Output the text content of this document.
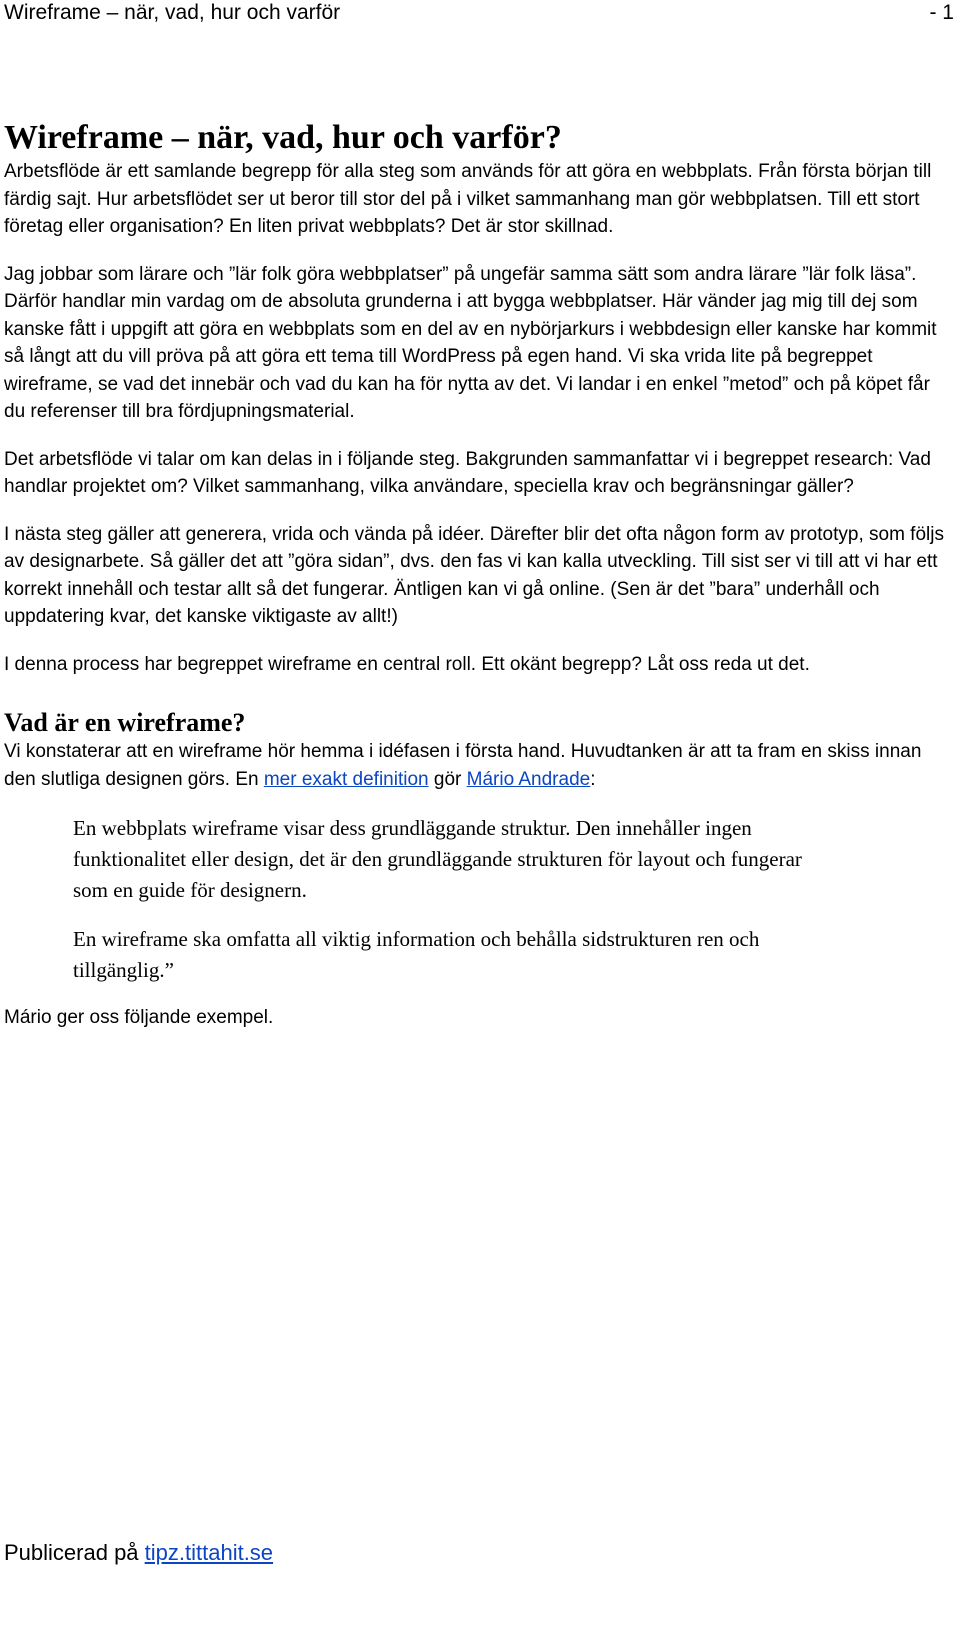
Wireframe – när, vad, hur och varför	- 1
Wireframe – när, vad, hur och varför?

Arbetsflöde är ett samlande begrepp för alla steg som används för att göra en webbplats. Från första början till färdig sajt. Hur arbetsflödet ser ut beror till stor del på i vilket sammanhang man gör webbplatsen. Till ett stort företag eller organisation? En liten privat webbplats? Det är stor skillnad.

Jag jobbar som lärare och ”lär folk göra webbplatser” på ungefär samma sätt som andra lärare ”lär folk läsa”. Därför handlar min vardag om de absoluta grunderna i att bygga webbplatser. Här vänder jag mig till dej som kanske fått i uppgift att göra en webbplats som en del av en nybörjarkurs i webbdesign eller kanske har kommit så långt att du vill pröva på att göra ett tema till WordPress på egen hand. Vi ska vrida lite på begreppet wireframe, se vad det innebär och vad du kan ha för nytta av det. Vi landar i en enkel ”metod” och på köpet får du referenser till bra fördjupningsmaterial.

Det arbetsflöde vi talar om kan delas in i följande steg. Bakgrunden sammanfattar vi i begreppet research: Vad handlar projektet om? Vilket sammanhang, vilka användare, speciella krav och begränsningar gäller?

I nästa steg gäller att generera, vrida och vända på idéer. Därefter blir det ofta någon form av prototyp, som följs av designarbete. Så gäller det att ”göra sidan”, dvs. den fas vi kan kalla utveckling. Till sist ser vi till att vi har ett korrekt innehåll och testar allt så det fungerar. Äntligen kan vi gå online. (Sen är det ”bara” underhåll och uppdatering kvar, det kanske viktigaste av allt!)

I denna process har begreppet wireframe en central roll. Ett okänt begrepp? Låt oss reda ut det.

Vad är en wireframe?

Vi konstaterar att en wireframe hör hemma i idéfasen i första hand. Huvudtanken är att ta fram en skiss innan den slutliga designen görs. En mer exakt definition gör Mário Andrade:

En webbplats wireframe visar dess grundläggande struktur. Den innehåller ingen funktionalitet eller design, det är den grundläggande strukturen för layout och fungerar som en guide för designern.

En wireframe ska omfatta all viktig information och behålla sidstrukturen ren och tillgänglig.”

Mário ger oss följande exempel.

Publicerad på tipz.tittahit.se
